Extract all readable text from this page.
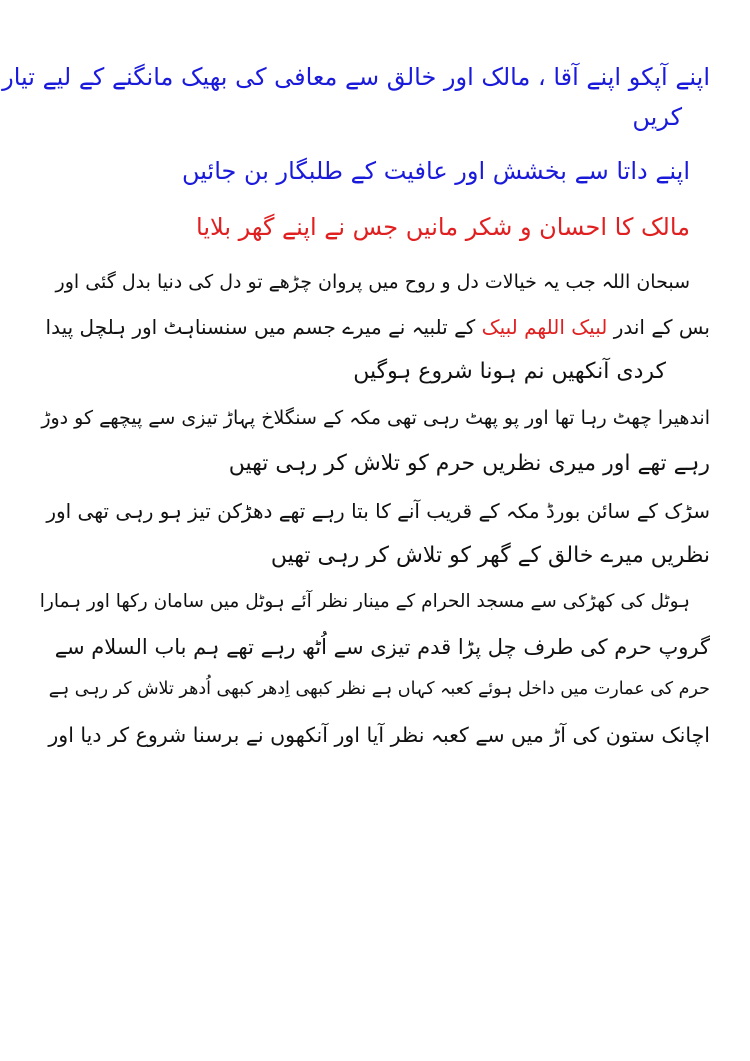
اپنے آپکو اپنے آقا ، مالک اور خالق سے معافی کی بھیک مانگنے کے لیے تیار
کریں
اپنے داتا سے بخشش اور عافیت کے طلبگار بن جائیں
مالک کا احسان و شکر مانیں جس نے اپنے گھر بلایا
سبحان اللہ جب یہ خیالات دل و روح میں پروان چڑھے تو دل کی دنیا بدل گئی اور
بس کے اندر لبیک اللھم لبیک کے تلبیہ نے میرے جسم میں سنسناہٹ اور ہلچل پیدا
کردی آنکھیں نم ہونا شروع ہوگیں
اندھیرا چھٹ رہا تھا اور پو پھٹ رہی تھی مکہ کے سنگلاخ پہاڑ تیزی سے پیچھے کو دوڑ
رہے تھے اور میری نظریں حرم کو تلاش کر رہی تھیں
سڑک کے سائن بورڈ مکہ کے قریب آنے کا بتا رہے تھے دھڑکن تیز ہو رہی تھی اور
نظریں میرے خالق کے گھر کو تلاش کر رہی تھیں
ہوٹل کی کھڑکی سے مسجد الحرام کے مینار نظر آئے ہوٹل میں سامان رکھا اور ہمارا
گروپ حرم کی طرف چل پڑا قدم تیزی سے اُٹھ رہے تھے ہم باب السلام سے
حرم کی عمارت میں داخل ہوئے کعبہ کہاں ہے نظر کبھی اِدھر کبھی اُدھر تلاش کر رہی ہے
اچانک ستون کی آڑ میں سے کعبہ نظر آیا اور آنکھوں نے برسنا شروع کر دیا اور
